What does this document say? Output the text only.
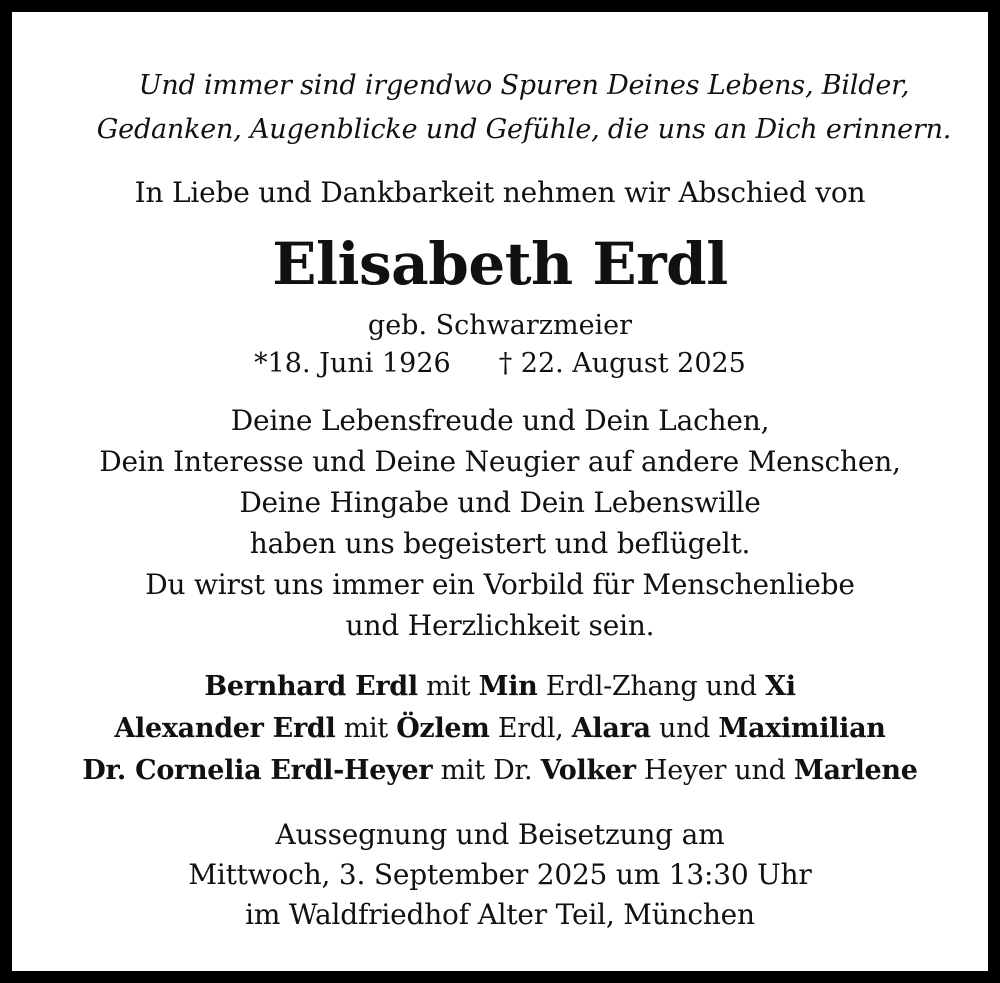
Und immer sind irgendwo Spuren Deines Lebens, Bilder,
Gedanken, Augenblicke und Gefühle, die uns an Dich erinnern.
In Liebe und Dankbarkeit nehmen wir Abschied von
Elisabeth Erdl
geb. Schwarzmeier
*18. Juni 1926 † 22. August 2025
Deine Lebensfreude und Dein Lachen,
Dein Interesse und Deine Neugier auf andere Menschen,
Deine Hingabe und Dein Lebenswille
haben uns begeistert und beflügelt.
Du wirst uns immer ein Vorbild für Menschenliebe
und Herzlichkeit sein.
Bernhard Erdl mit Min Erdl-Zhang und Xi
Alexander Erdl mit Özlem Erdl, Alara und Maximilian
Dr. Cornelia Erdl-Heyer mit Dr. Volker Heyer und Marlene
Aussegnung und Beisetzung am
Mittwoch, 3. September 2025 um 13:30 Uhr
im Waldfriedhof Alter Teil, München
